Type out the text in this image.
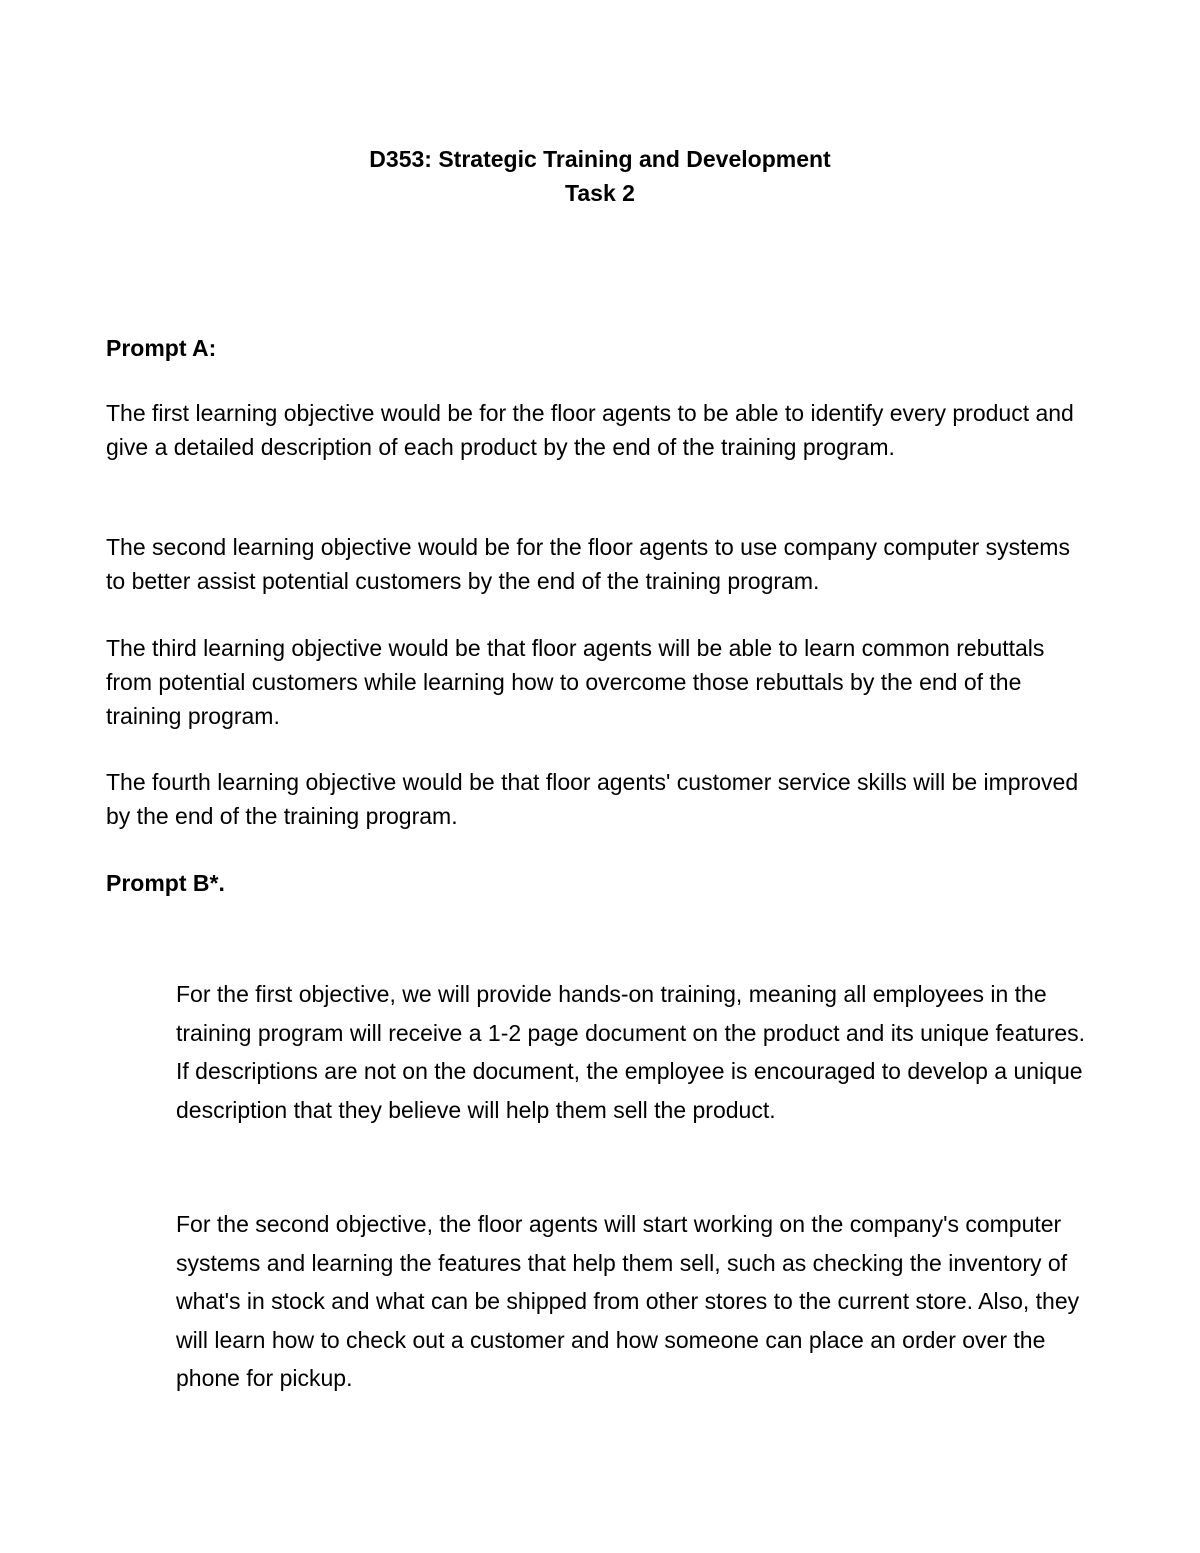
D353: Strategic Training and Development
Task 2
Prompt A:

The first learning objective would be for the floor agents to be able to identify every product and give a detailed description of each product by the end of the training program.

The second learning objective would be for the floor agents to use company computer systems to better assist potential customers by the end of the training program.

The third learning objective would be that floor agents will be able to learn common rebuttals from potential customers while learning how to overcome those rebuttals by the end of the training program.

The fourth learning objective would be that floor agents' customer service skills will be improved by the end of the training program.

Prompt B*.

For the first objective, we will provide hands-on training, meaning all employees in the training program will receive a 1-2 page document on the product and its unique features. If descriptions are not on the document, the employee is encouraged to develop a unique description that they believe will help them sell the product.

For the second objective, the floor agents will start working on the company's computer systems and learning the features that help them sell, such as checking the inventory of what's in stock and what can be shipped from other stores to the current store. Also, they will learn how to check out a customer and how someone can place an order over the phone for pickup.
